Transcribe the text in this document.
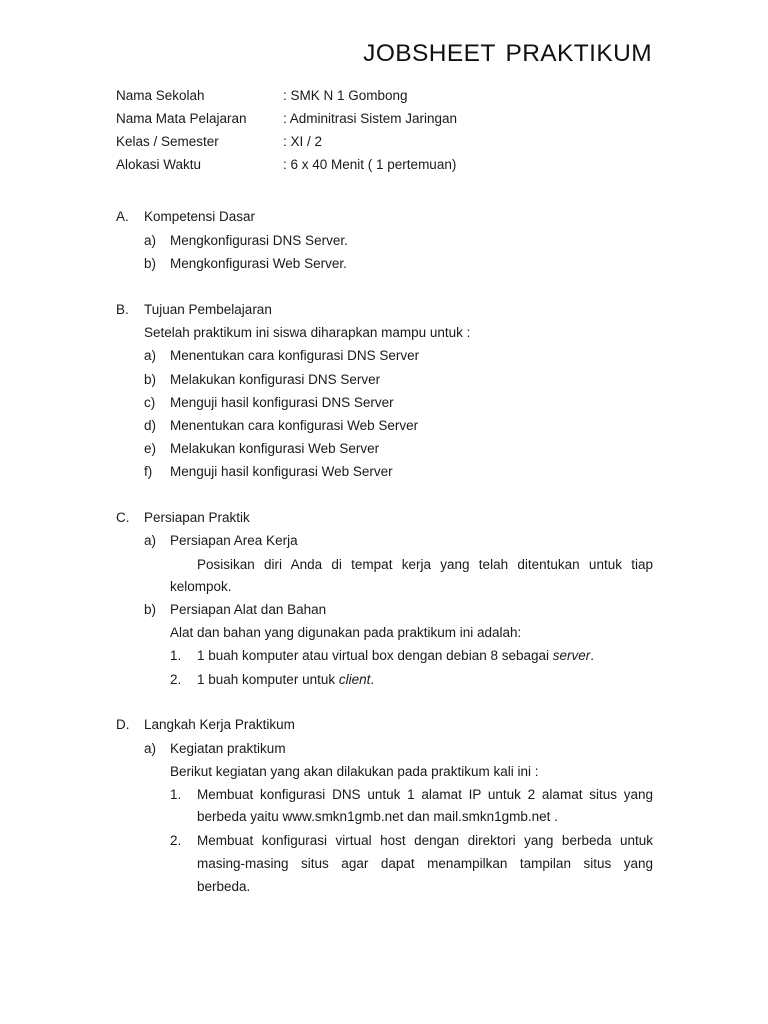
JOBSHEET PRAKTIKUM
Nama Sekolah	: SMK N 1 Gombong
Nama Mata Pelajaran	: Adminitrasi Sistem Jaringan
Kelas / Semester	: XI / 2
Alokasi Waktu	: 6 x 40 Menit ( 1 pertemuan)
A. Kompetensi Dasar
a) Mengkonfigurasi DNS Server.
b) Mengkonfigurasi Web Server.
B. Tujuan Pembelajaran
Setelah praktikum ini siswa diharapkan mampu untuk :
a) Menentukan cara konfigurasi DNS Server
b) Melakukan konfigurasi DNS Server
c) Menguji hasil konfigurasi DNS Server
d) Menentukan cara konfigurasi Web Server
e) Melakukan konfigurasi Web Server
f) Menguji hasil konfigurasi Web Server
C. Persiapan Praktik
a) Persiapan Area Kerja
Posisikan diri Anda di tempat kerja yang telah ditentukan untuk tiap
kelompok.
b) Persiapan Alat dan Bahan
Alat dan bahan yang digunakan pada praktikum ini adalah:
1. 1 buah komputer atau virtual box dengan debian 8 sebagai server.
2. 1 buah komputer untuk client.
D. Langkah Kerja Praktikum
a) Kegiatan praktikum
Berikut kegiatan yang akan dilakukan pada praktikum kali ini :
1. Membuat konfigurasi DNS untuk 1 alamat IP untuk 2 alamat situs yang
berbeda yaitu www.smkn1gmb.net dan mail.smkn1gmb.net .
2. Membuat konfigurasi virtual host dengan direktori yang berbeda untuk
masing-masing situs agar dapat menampilkan tampilan situs yang
berbeda.
